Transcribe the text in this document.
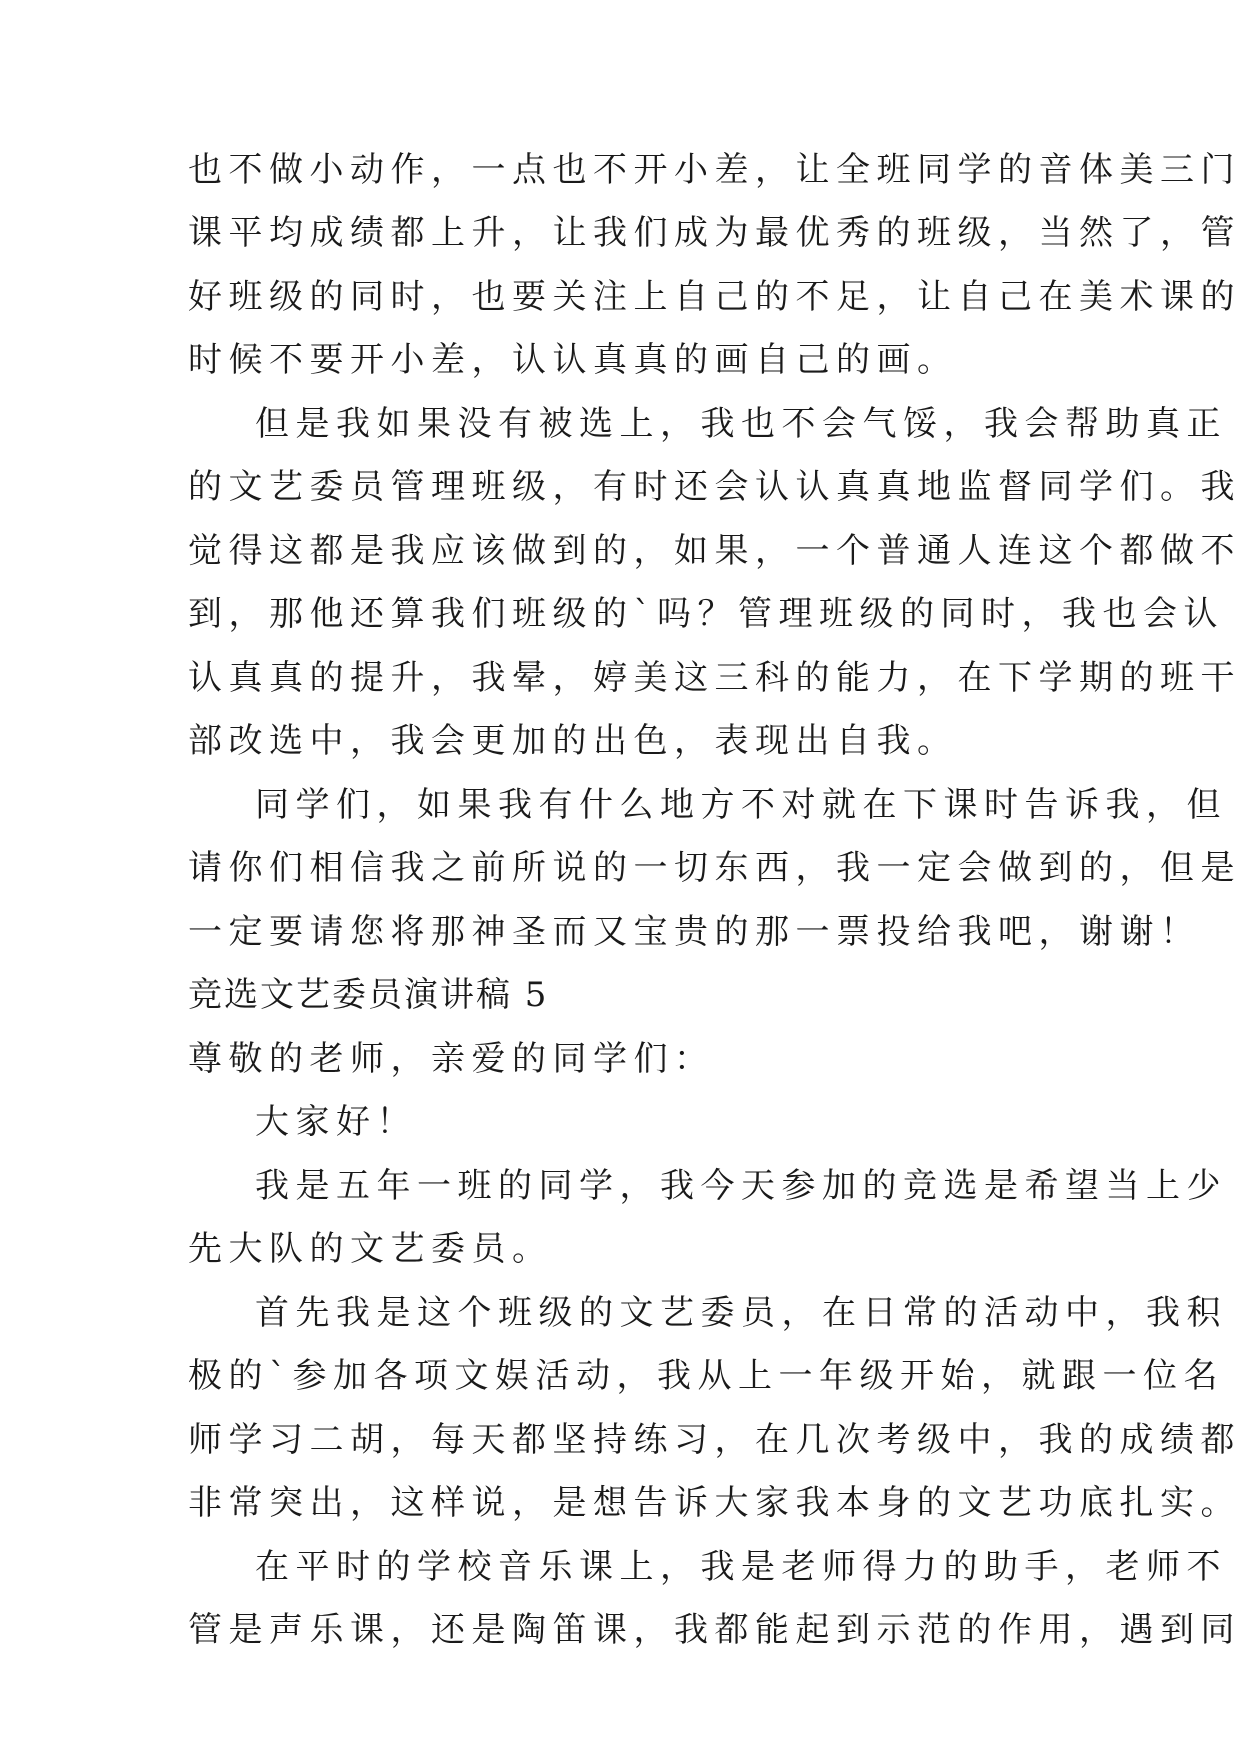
也不做小动作，一点也不开小差，让全班同学的音体美三门
课平均成绩都上升，让我们成为最优秀的班级，当然了，管
好班级的同时，也要关注上自己的不足，让自己在美术课的
时候不要开小差，认认真真的画自己的画。
但是我如果没有被选上，我也不会气馁，我会帮助真正
的文艺委员管理班级，有时还会认认真真地监督同学们。我
觉得这都是我应该做到的，如果，一个普通人连这个都做不
到，那他还算我们班级的`吗？管理班级的同时，我也会认
认真真的提升，我晕，婷美这三科的能力，在下学期的班干
部改选中，我会更加的出色，表现出自我。
同学们，如果我有什么地方不对就在下课时告诉我，但
请你们相信我之前所说的一切东西，我一定会做到的，但是
一定要请您将那神圣而又宝贵的那一票投给我吧，谢谢！
竞选文艺委员演讲稿 5
尊敬的老师，亲爱的同学们：
大家好！
我是五年一班的同学，我今天参加的竞选是希望当上少
先大队的文艺委员。
首先我是这个班级的文艺委员，在日常的活动中，我积
极的`参加各项文娱活动，我从上一年级开始，就跟一位名
师学习二胡，每天都坚持练习，在几次考级中，我的成绩都
非常突出，这样说，是想告诉大家我本身的文艺功底扎实。
在平时的学校音乐课上，我是老师得力的助手，老师不
管是声乐课，还是陶笛课，我都能起到示范的作用，遇到同
